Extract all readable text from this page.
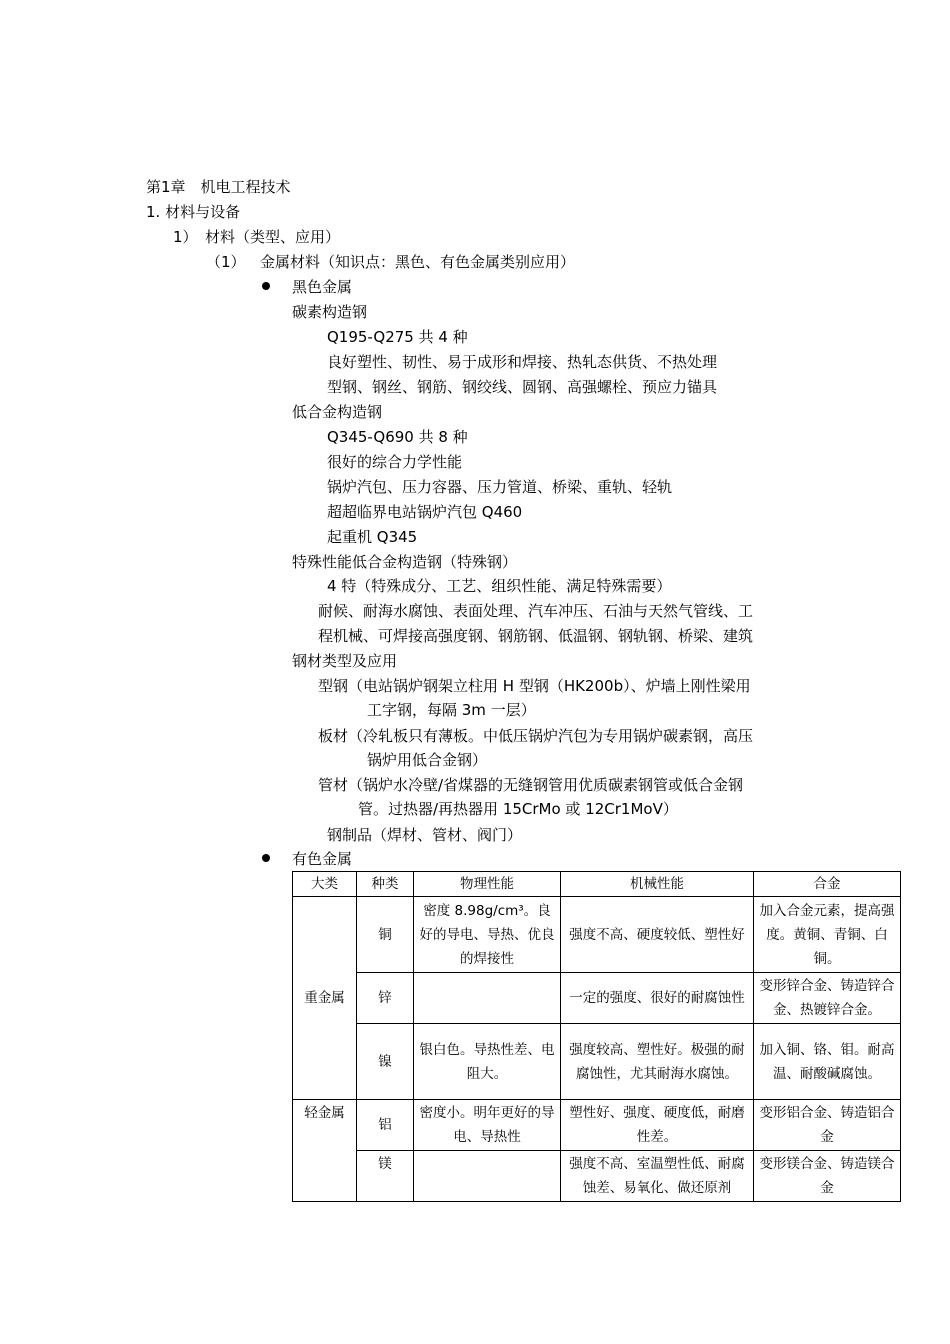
第1章　机电工程技术
1. 材料与设备
1）　材料（类型、应用）
（1） 金属材料（知识点：黑色、有色金属类别应用）
黑色金属
碳素构造钢
Q195-Q275 共 4 种
良好塑性、韧性、易于成形和焊接、热轧态供货、不热处理
型钢、钢丝、钢筋、钢绞线、圆钢、高强螺栓、预应力锚具
低合金构造钢
Q345-Q690 共 8 种
很好的综合力学性能
锅炉汽包、压力容器、压力管道、桥梁、重轨、轻轨
超超临界电站锅炉汽包 Q460
起重机 Q345
特殊性能低合金构造钢（特殊钢）
4 特（特殊成分、工艺、组织性能、满足特殊需要）
耐候、耐海水腐蚀、表面处理、汽车冲压、石油与天然气管线、工
程机械、可焊接高强度钢、钢筋钢、低温钢、钢轨钢、桥梁、建筑
钢材类型及应用
型钢（电站锅炉钢架立柱用 H 型钢（HK200b）、炉墙上刚性梁用
工字钢，每隔 3m 一层）
板材（冷轧板只有薄板。中低压锅炉汽包为专用锅炉碳素钢，高压
锅炉用低合金钢）
管材（锅炉水冷壁/省煤器的无缝钢管用优质碳素钢管或低合金钢
管。过热器/再热器用 15CrMo 或 12Cr1MoV）
钢制品（焊材、管材、阀门）
有色金属
大类	种类	物理性能	机械性能	合金
重金属	铜	密度 8.98g/cm³。良好的导电、导热、优良的焊接性	强度不高、硬度较低、塑性好	加入合金元素，提高强度。黄铜、青铜、白铜。
	锌		一定的强度、很好的耐腐蚀性	变形锌合金、铸造锌合金、热镀锌合金。
	镍	银白色。导热性差、电阻大。	强度较高、塑性好。极强的耐腐蚀性，尤其耐海水腐蚀。	加入铜、铬、钼。耐高温、耐酸碱腐蚀。
轻金属	铝	密度小。明年更好的导电、导热性	塑性好、强度、硬度低，耐磨性差。	变形铝合金、铸造铝合金
	镁		强度不高、室温塑性低、耐腐蚀差、易氧化、做还原剂	变形镁合金、铸造镁合金
